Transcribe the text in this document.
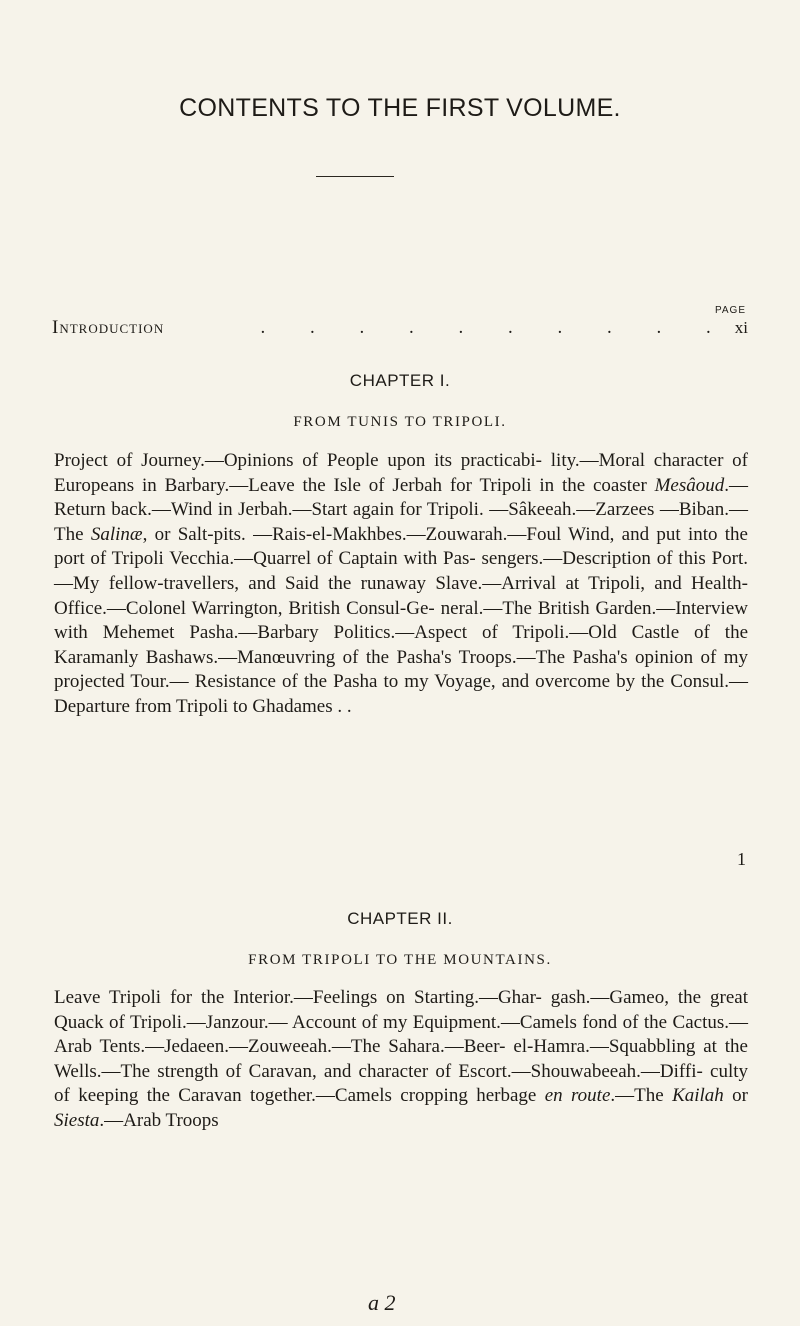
CONTENTS TO THE FIRST VOLUME.
PAGE
Introduction	. . . . . . . . . . xi
CHAPTER I.
FROM TUNIS TO TRIPOLI.
Project of Journey.—Opinions of People upon its practicabi- lity.—Moral character of Europeans in Barbary.—Leave the Isle of Jerbah for Tripoli in the coaster Mesâoud.— Return back.—Wind in Jerbah.—Start again for Tripoli. —Sâkeeah.—Zarzees —Biban.—The Salinæ, or Salt-pits. —Rais-el-Makhbes.—Zouwarah.—Foul Wind, and put into the port of Tripoli Vecchia.—Quarrel of Captain with Pas- sengers.—Description of this Port.—My fellow-travellers, and Said the runaway Slave.—Arrival at Tripoli, and Health-Office.—Colonel Warrington, British Consul-Ge- neral.—The British Garden.—Interview with Mehemet Pasha.—Barbary Politics.—Aspect of Tripoli.—Old Castle of the Karamanly Bashaws.—Manœuvring of the Pasha's Troops.—The Pasha's opinion of my projected Tour.— Resistance of the Pasha to my Voyage, and overcome by the Consul.—Departure from Tripoli to Ghadames . .
1
CHAPTER II.
FROM TRIPOLI TO THE MOUNTAINS.
Leave Tripoli for the Interior.—Feelings on Starting.—Ghar- gash.—Gameo, the great Quack of Tripoli.—Janzour.— Account of my Equipment.—Camels fond of the Cactus.— Arab Tents.—Jedaeen.—Zouweeah.—The Sahara.—Beer- el-Hamra.—Squabbling at the Wells.—The strength of Caravan, and character of Escort.—Shouwabeeah.—Diffi- culty of keeping the Caravan together.—Camels cropping herbage en route.—The Kailah or Siesta.—Arab Troops
a 2
